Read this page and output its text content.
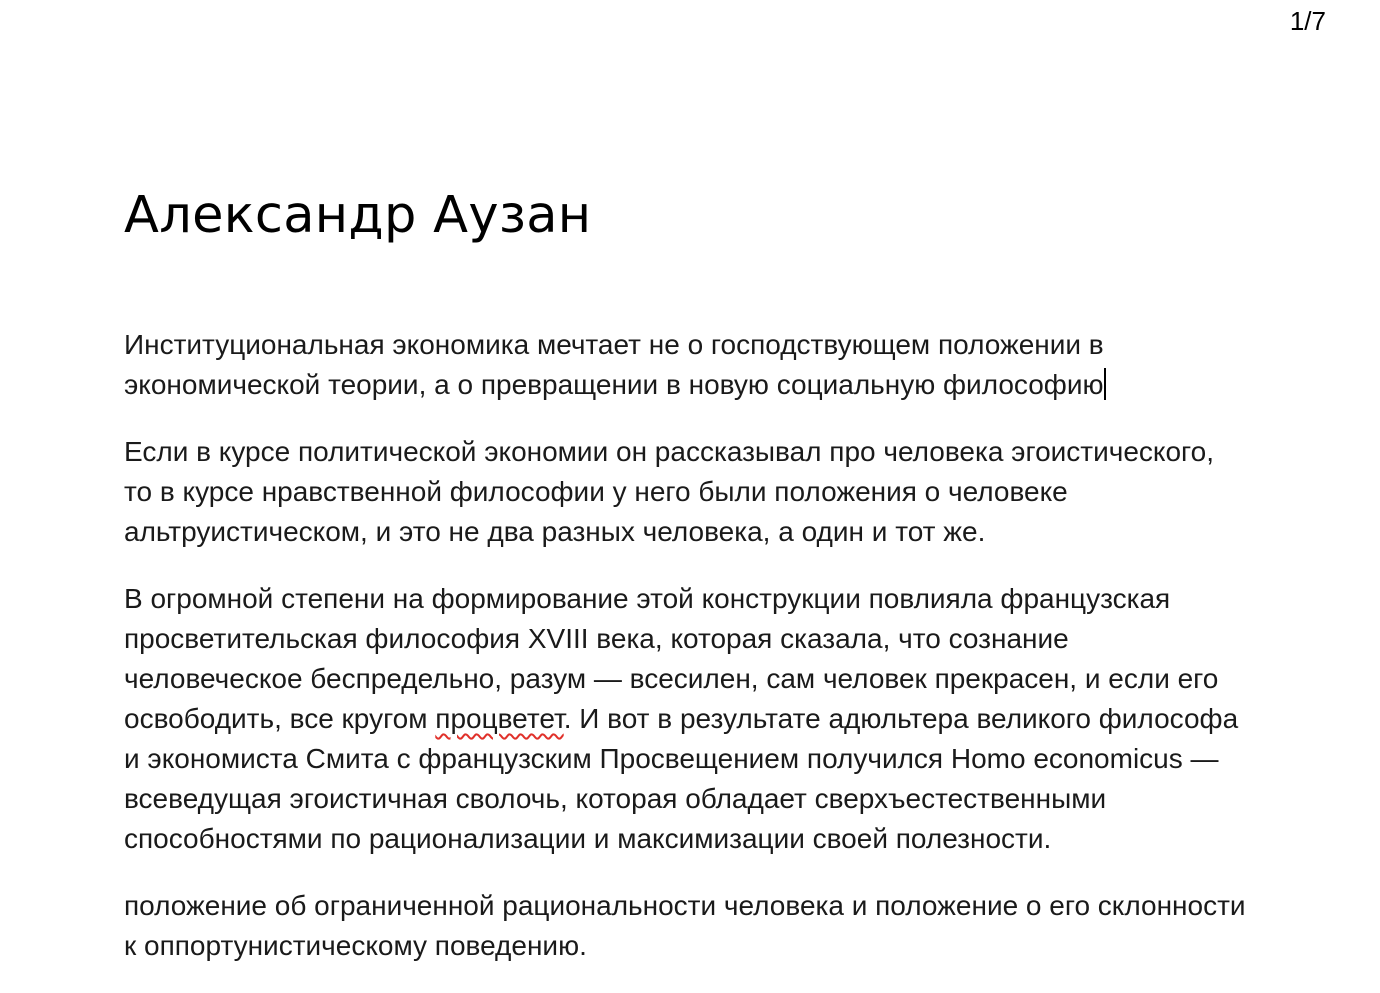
1/7
Александр Аузан

Институциональная экономика мечтает не о господствующем положении в
экономической теории, а о превращении в новую социальную философию

Если в курсе политической экономии он рассказывал про человека эгоистического,
то в курсе нравственной философии у него были положения о человеке
альтруистическом, и это не два разных человека, а один и тот же.

В огромной степени на формирование этой конструкции повлияла французская
просветительская философия XVIII века, которая сказала, что сознание
человеческое беспредельно, разум — всесилен, сам человек прекрасен, и если его
освободить, все кругом процветет. И вот в результате адюльтера великого философа
и экономиста Смита с французским Просвещением получился Homo economicus —
всеведущая эгоистичная сволочь, которая обладает сверхъестественными
способностями по рационализации и максимизации своей полезности.

положение об ограниченной рациональности человека и положение о его склонности
к оппортунистическому поведению.
